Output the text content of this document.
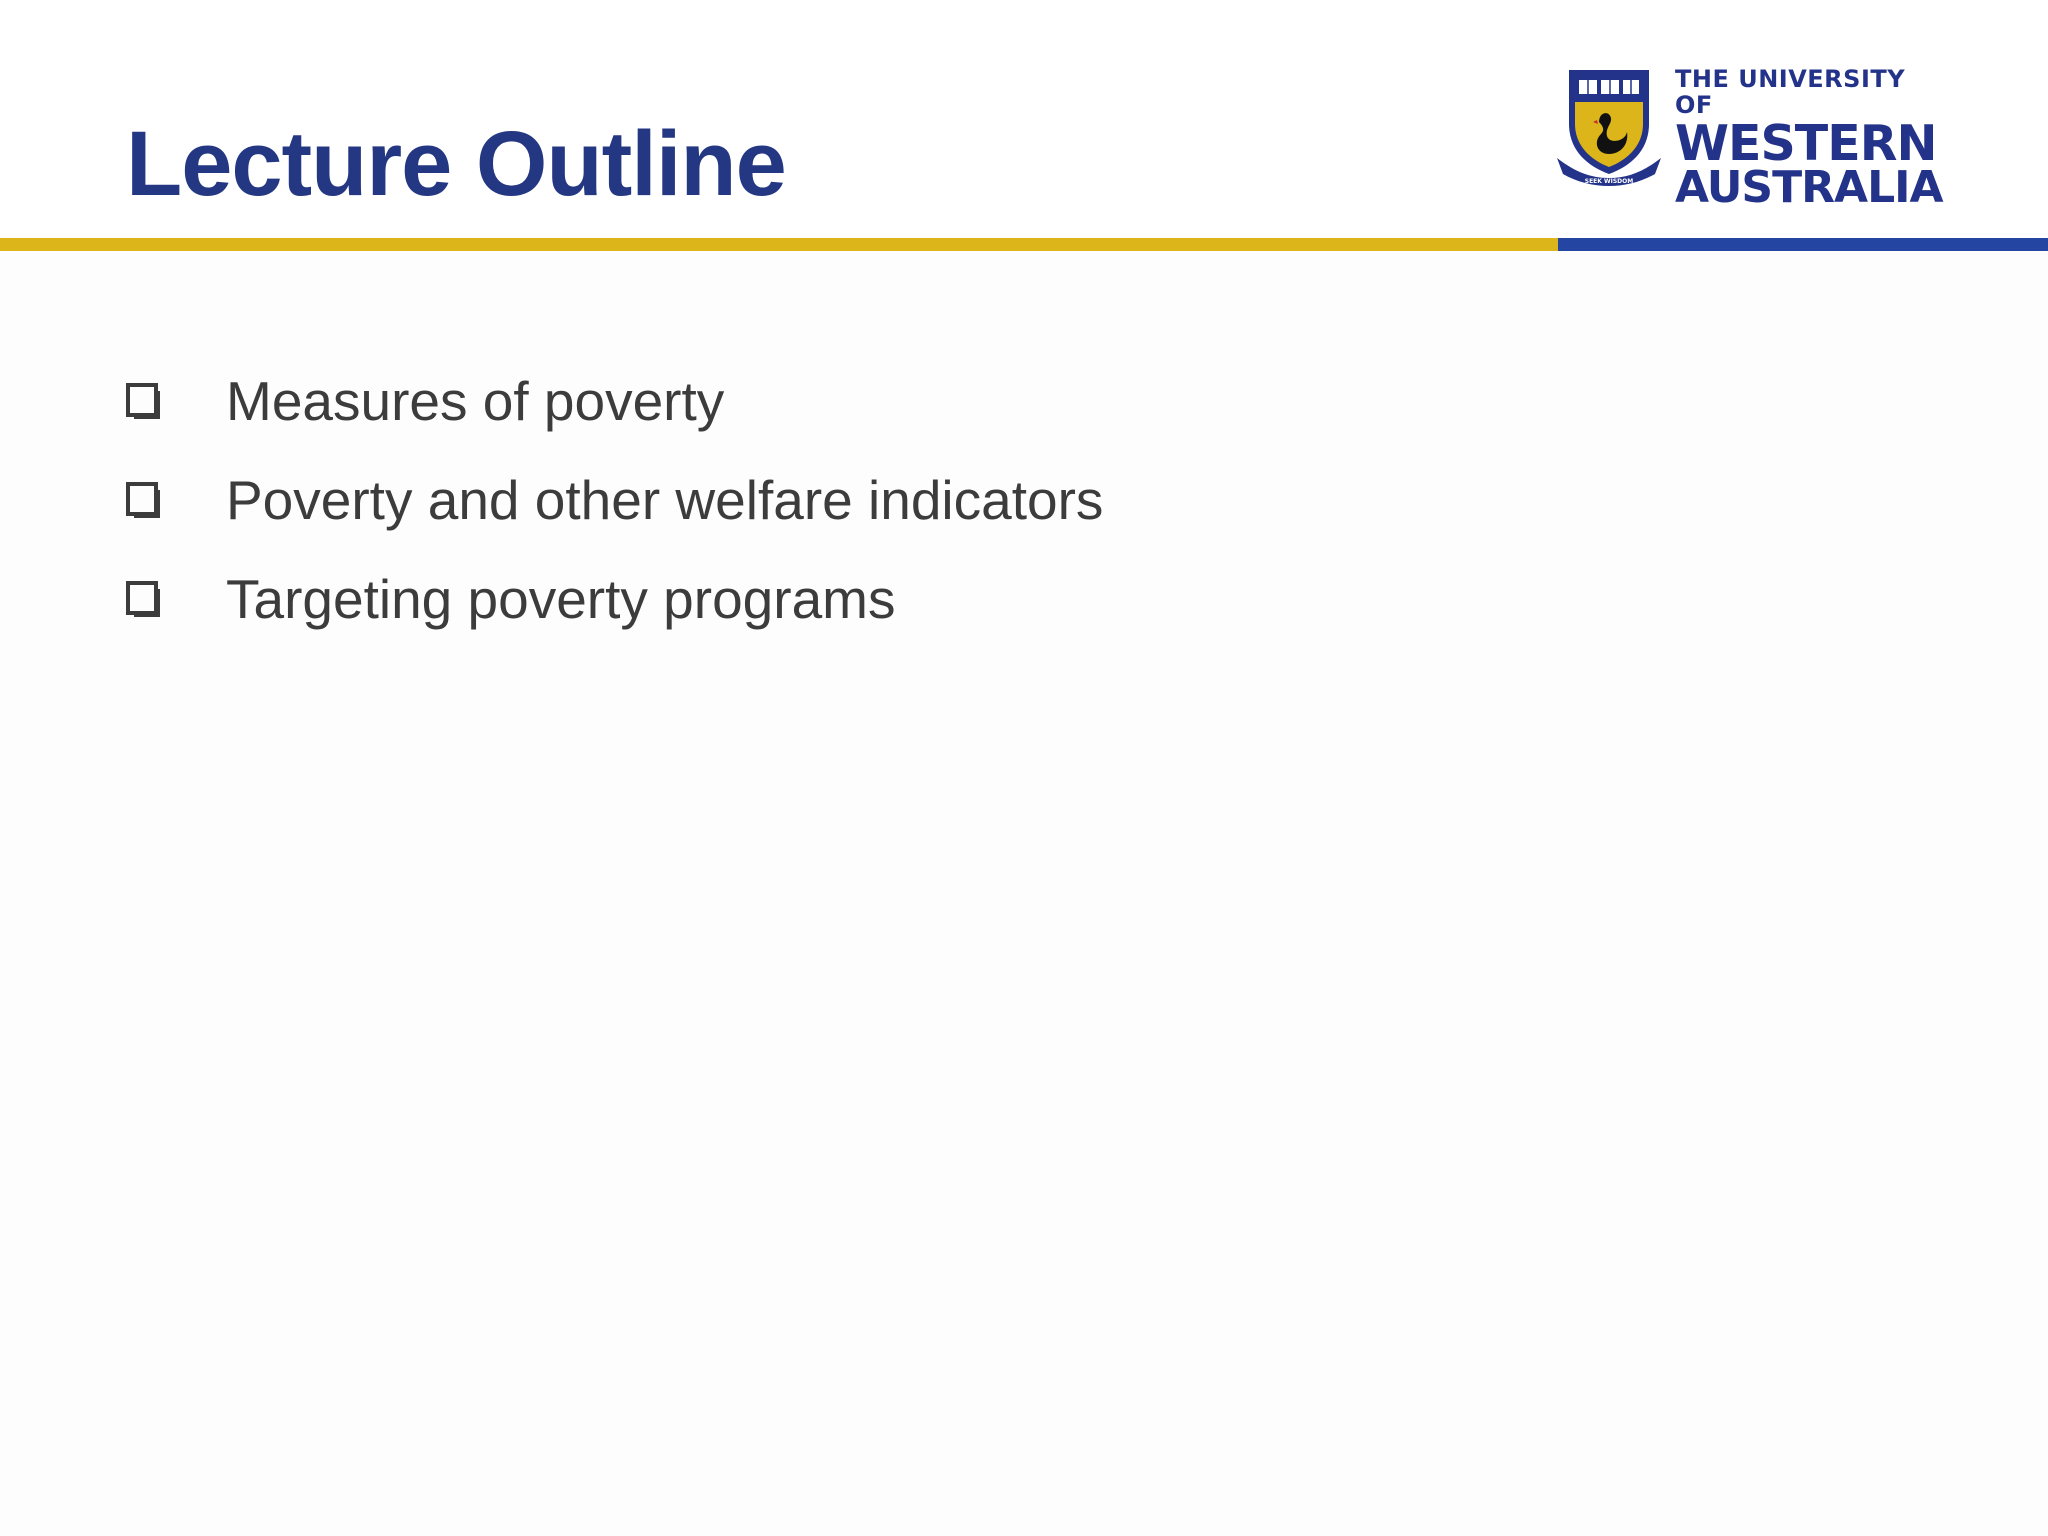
Lecture Outline	SEEK WISDOM
THE UNIVERSITY OF
WESTERN
AUSTRALIA
Measures of poverty
Poverty and other welfare indicators
Targeting poverty programs
